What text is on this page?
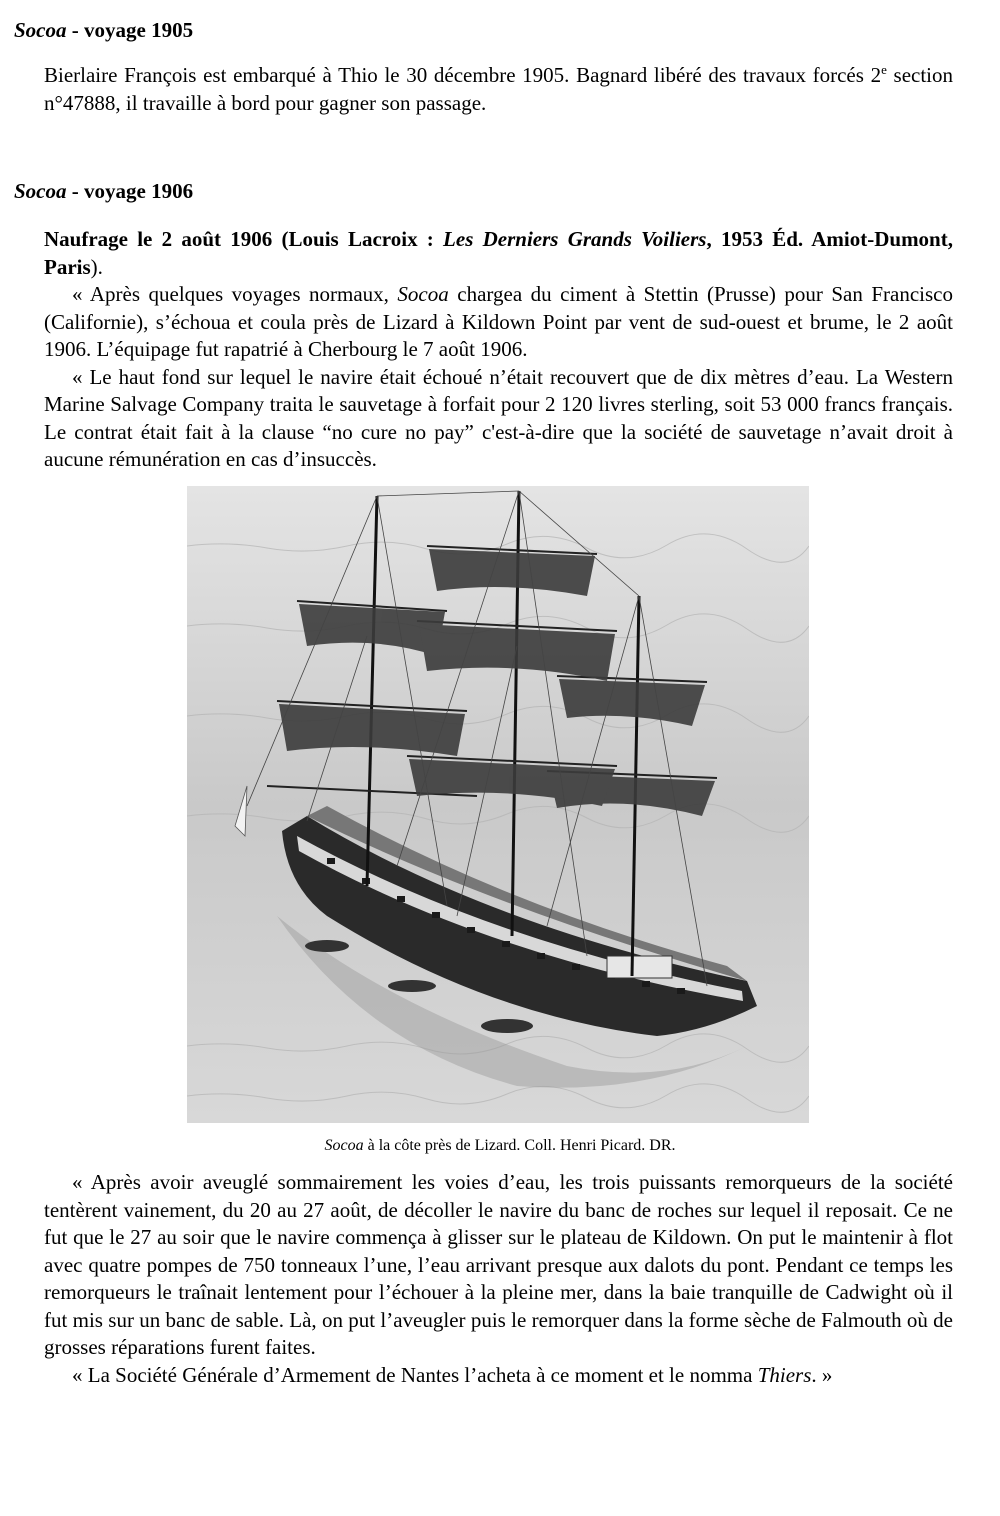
Socoa - voyage 1905

Bierlaire François est embarqué à Thio le 30 décembre 1905. Bagnard libéré des travaux forcés 2e section n°47888, il travaille à bord pour gagner son passage.

Socoa - voyage 1906

Naufrage le 2 août 1906 (Louis Lacroix : Les Derniers Grands Voiliers, 1953 Éd. Amiot-Dumont, Paris).

« Après quelques voyages normaux, Socoa chargea du ciment à Stettin (Prusse) pour San Francisco (Californie), s’échoua et coula près de Lizard à Kildown Point par vent de sud-ouest et brume, le 2 août 1906. L’équipage fut rapatrié à Cherbourg le 7 août 1906.

« Le haut fond sur lequel le navire était échoué n’était recouvert que de dix mètres d’eau. La Western Marine Salvage Company traita le sauvetage à forfait pour 2 120 livres sterling, soit 53 000 francs français. Le contrat était fait à la clause “no cure no pay” c'est-à-dire que la société de sauvetage n’avait droit à aucune rémunération en cas d’insuccès.

Socoa à la côte près de Lizard. Coll. Henri Picard. DR.

« Après avoir aveuglé sommairement les voies d’eau, les trois puissants remorqueurs de la société tentèrent vainement, du 20 au 27 août, de décoller le navire du banc de roches sur lequel il reposait. Ce ne fut que le 27 au soir que le navire commença à glisser sur le plateau de Kildown. On put le maintenir à flot avec quatre pompes de 750 tonneaux l’une, l’eau arrivant presque aux dalots du pont. Pendant ce temps les remorqueurs le traînait lentement pour l’échouer à la pleine mer, dans la baie tranquille de Cadwight où il fut mis sur un banc de sable. Là, on put l’aveugler puis le remorquer dans la forme sèche de Falmouth où de grosses réparations furent faites.

« La Société Générale d’Armement de Nantes l’acheta à ce moment et le nomma Thiers. »
